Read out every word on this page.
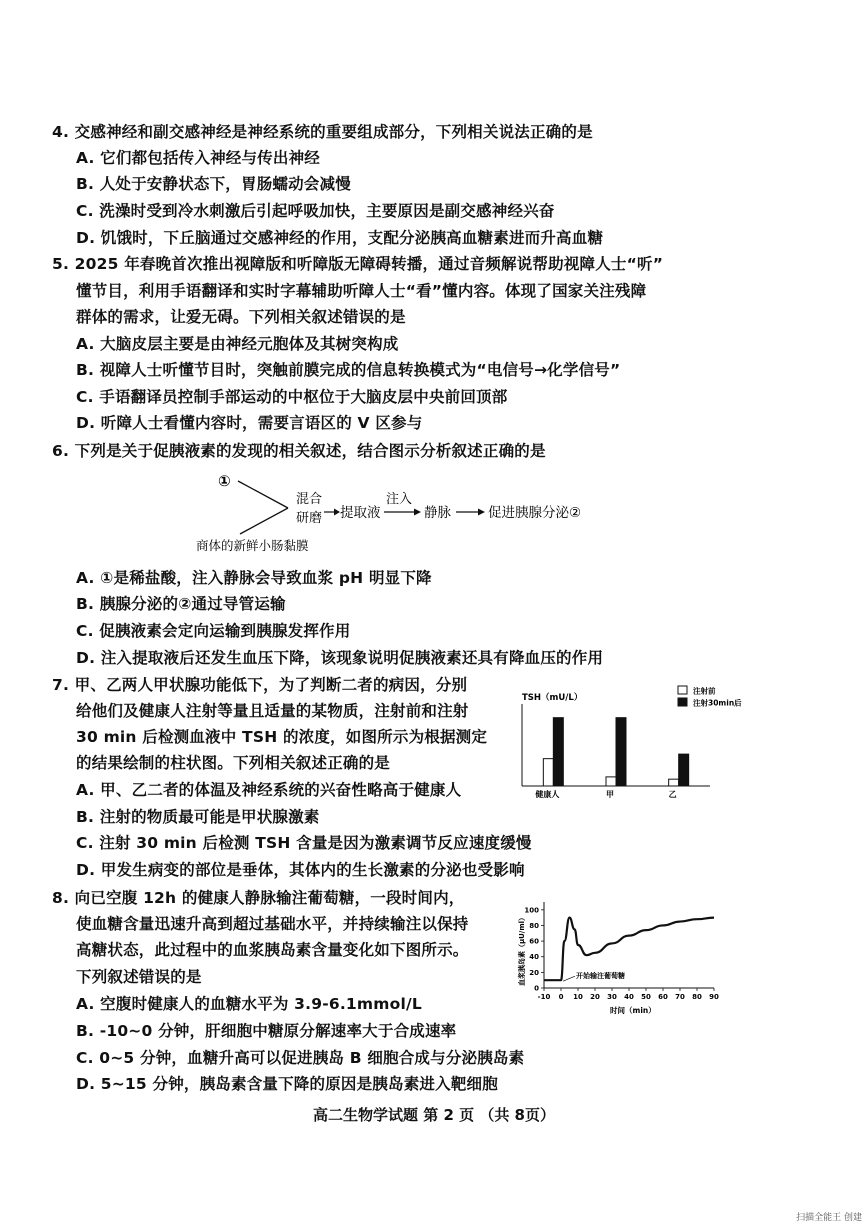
4. 交感神经和副交感神经是神经系统的重要组成部分，下列相关说法正确的是
A. 它们都包括传入神经与传出神经
B. 人处于安静状态下，胃肠蠕动会减慢
C. 洗澡时受到冷水刺激后引起呼吸加快，主要原因是副交感神经兴奋
D. 饥饿时，下丘脑通过交感神经的作用，支配分泌胰高血糖素进而升高血糖
5. 2025 年春晚首次推出视障版和听障版无障碍转播，通过音频解说帮助视障人士“听”
懂节目，利用手语翻译和实时字幕辅助听障人士“看”懂内容。体现了国家关注残障
群体的需求，让爱无碍。下列相关叙述错误的是
A. 大脑皮层主要是由神经元胞体及其树突构成
B. 视障人士听懂节目时，突触前膜完成的信息转换模式为“电信号→化学信号”
C. 手语翻译员控制手部运动的中枢位于大脑皮层中央前回顶部
D. 听障人士看懂内容时，需要言语区的 V 区参与
6. 下列是关于促胰液素的发现的相关叙述，结合图示分析叙述正确的是
①
混合
研磨 提取液
注入
静脉	促进胰腺分泌②
商体的新鲜小肠黏膜
A. ①是稀盐酸，注入静脉会导致血浆 pH 明显下降
B. 胰腺分泌的②通过导管运输
C. 促胰液素会定向运输到胰腺发挥作用
D. 注入提取液后还发生血压下降，该现象说明促胰液素还具有降血压的作用
7. 甲、乙两人甲状腺功能低下，为了判断二者的病因，分别
给他们及健康人注射等量且适量的某物质，注射前和注射
30 min 后检测血液中 TSH 的浓度，如图所示为根据测定
的结果绘制的柱状图。下列相关叙述正确的是
A. 甲、乙二者的体温及神经系统的兴奋性略高于健康人
B. 注射的物质最可能是甲状腺激素
C. 注射 30 min 后检测 TSH 含量是因为激素调节反应速度缓慢
D. 甲发生病变的部位是垂体，其体内的生长激素的分泌也受影响
TSH（mU/L）
注射前
注射30min后
健康人	甲	乙
8. 向已空腹 12h 的健康人静脉输注葡萄糖，一段时间内，
使血糖含量迅速升高到超过基础水平，并持续输注以保持
高糖状态，此过程中的血浆胰岛素含量变化如下图所示。
下列叙述错误的是
A. 空腹时健康人的血糖水平为 3.9-6.1mmol/L
B. -10~0 分钟，肝细胞中糖原分解速率大于合成速率
C. 0~5 分钟，血糖升高可以促进胰岛 B 细胞合成与分泌胰岛素
D. 5~15 分钟，胰岛素含量下降的原因是胰岛素进入靶细胞
血浆胰岛素（μU/ml）
0
20
40
60
80
100
-10 0 10 20 30 40 50 60 70 80 90
开始输注葡萄糖
时间（min）
高二生物学试题 第 2 页 （共 8页）
扫描全能王 创建
